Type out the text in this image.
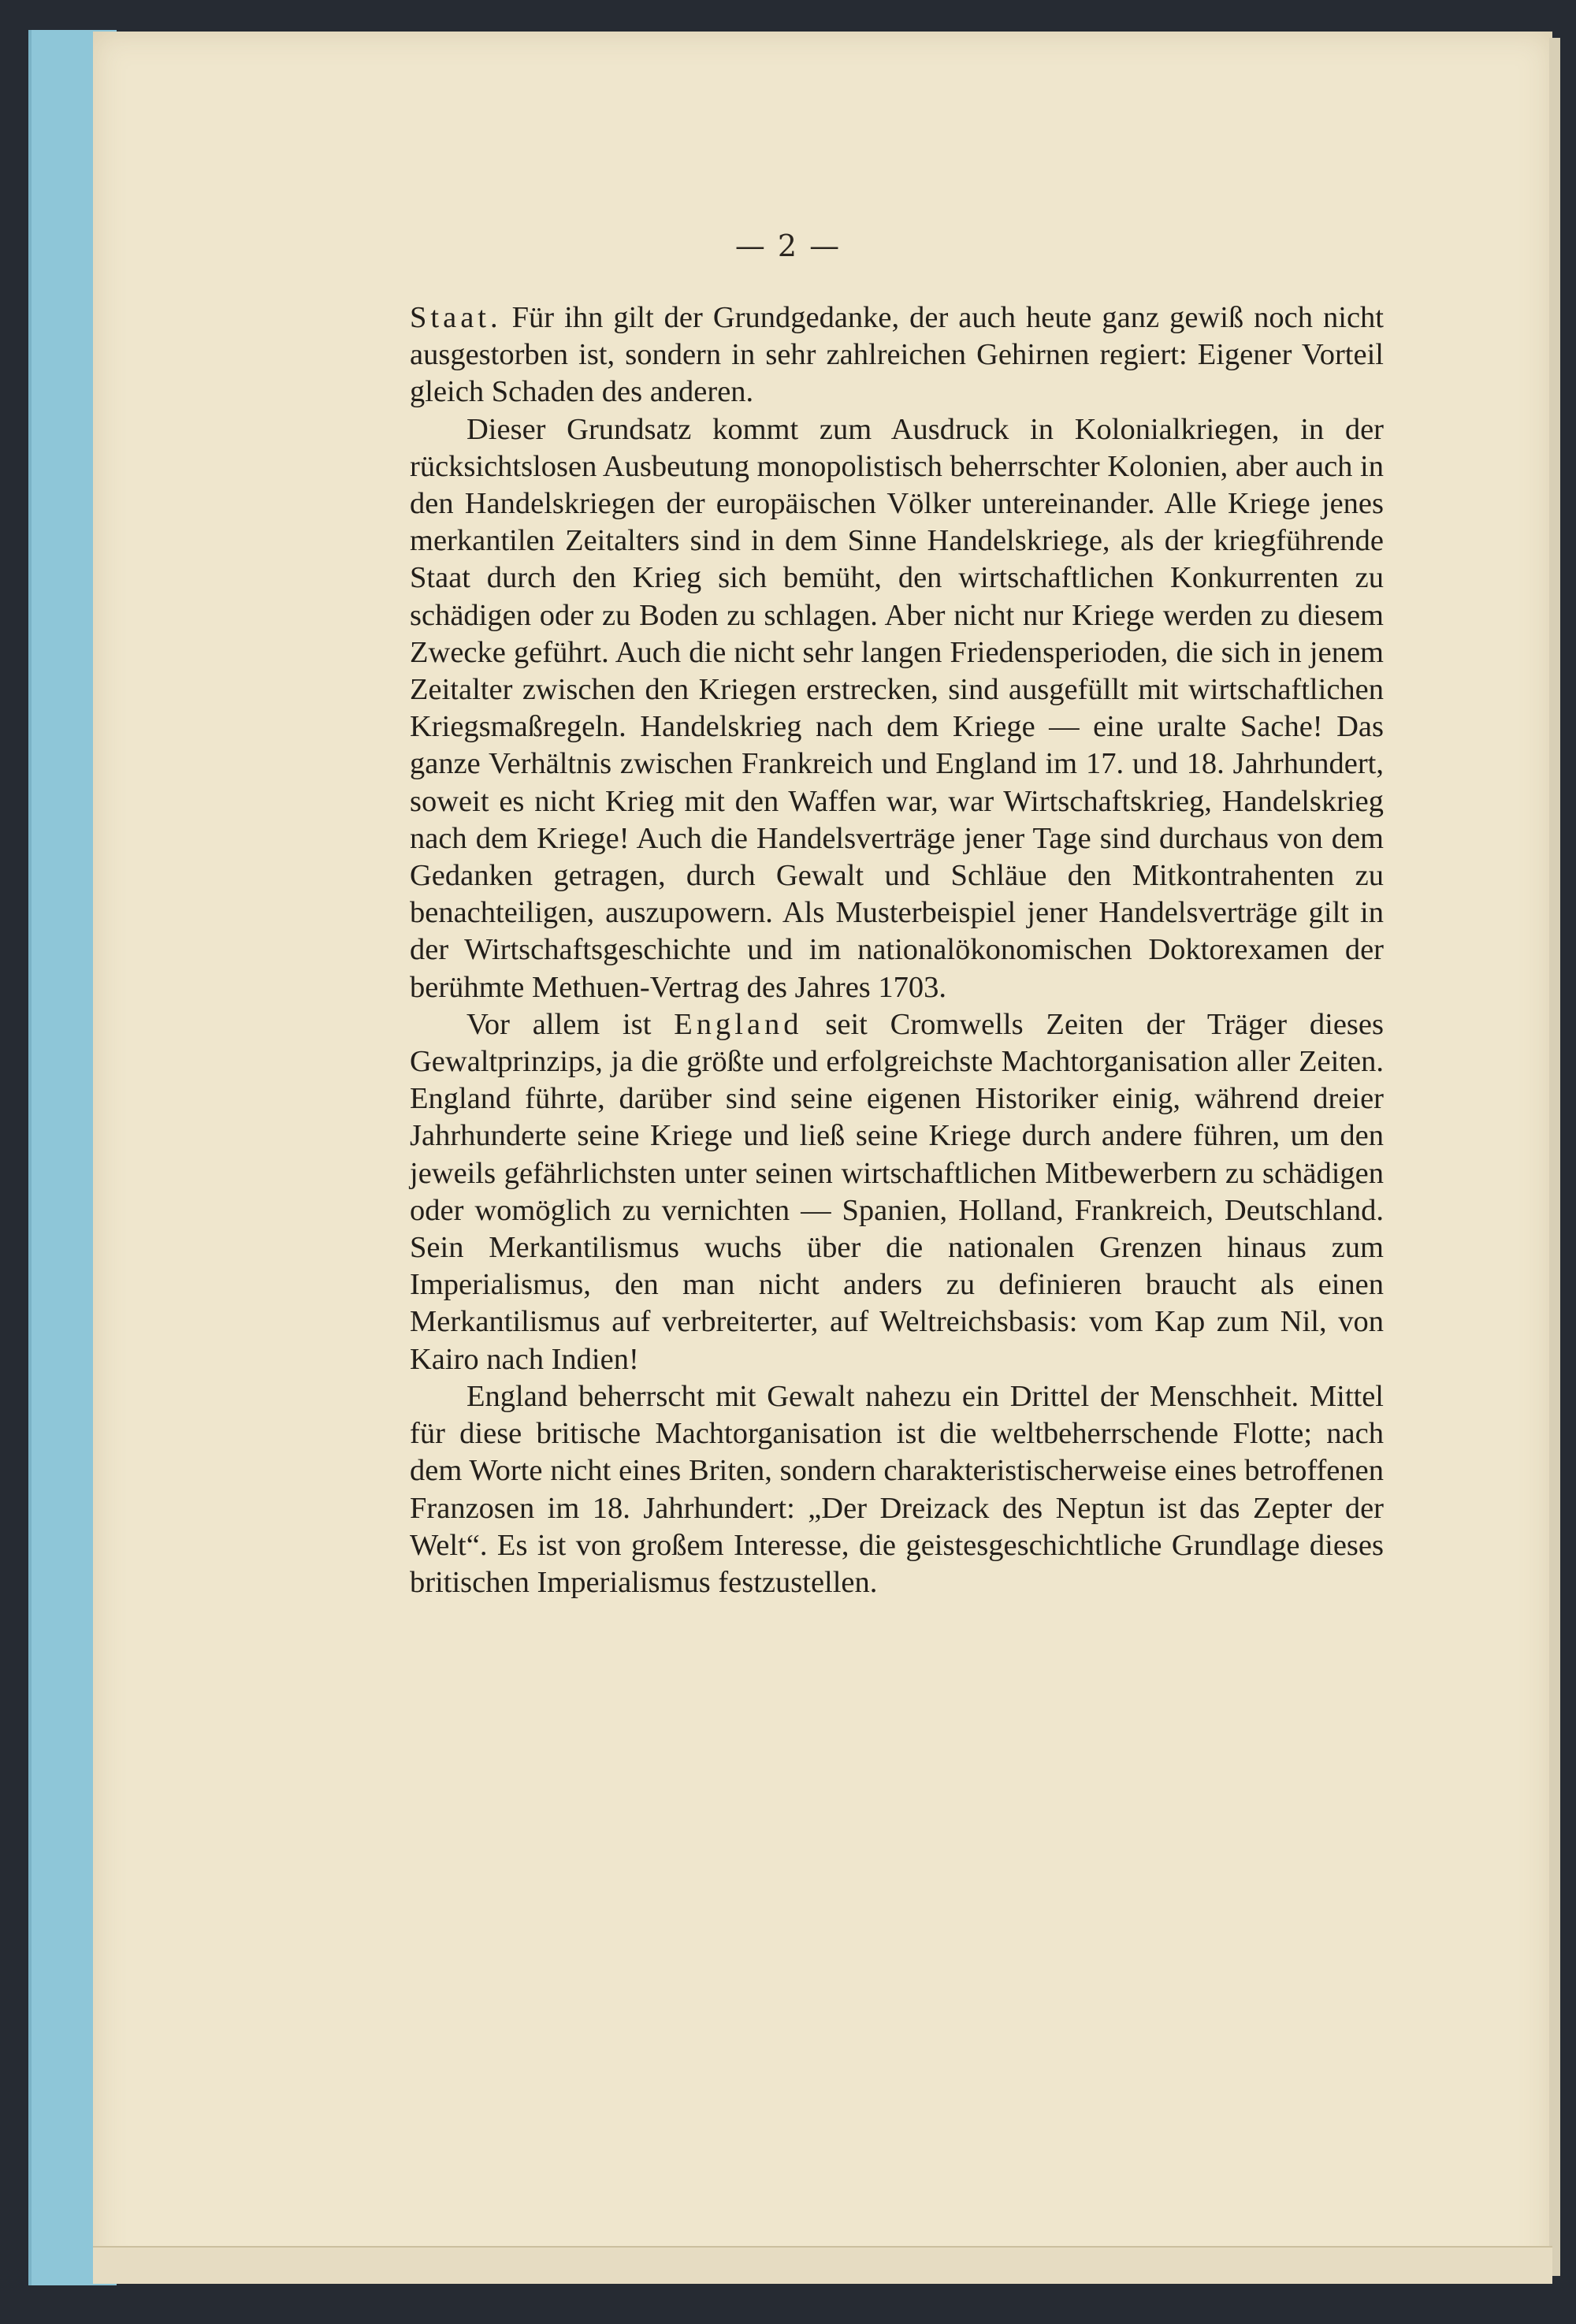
— 2 —

Staat. Für ihn gilt der Grundgedanke, der auch heute ganz gewiß noch nicht ausgestorben ist, sondern in sehr zahlreichen Gehirnen regiert: Eigener Vorteil gleich Schaden des anderen.

Dieser Grundsatz kommt zum Ausdruck in Kolonialkriegen, in der rücksichtslosen Ausbeutung monopolistisch beherrschter Kolonien, aber auch in den Handelskriegen der europäischen Völker untereinander. Alle Kriege jenes merkantilen Zeitalters sind in dem Sinne Handelskriege, als der kriegführende Staat durch den Krieg sich bemüht, den wirtschaftlichen Konkurrenten zu schädigen oder zu Boden zu schlagen. Aber nicht nur Kriege werden zu diesem Zwecke geführt. Auch die nicht sehr langen Friedensperioden, die sich in jenem Zeitalter zwischen den Kriegen erstrecken, sind ausgefüllt mit wirtschaftlichen Kriegsmaßregeln. Handelskrieg nach dem Kriege — eine uralte Sache! Das ganze Verhältnis zwischen Frankreich und England im 17. und 18. Jahrhundert, soweit es nicht Krieg mit den Waffen war, war Wirtschaftskrieg, Handelskrieg nach dem Kriege! Auch die Handelsverträge jener Tage sind durchaus von dem Gedanken getragen, durch Gewalt und Schläue den Mitkontrahenten zu benachteiligen, auszupowern. Als Musterbeispiel jener Handelsverträge gilt in der Wirtschaftsgeschichte und im nationalökonomischen Doktorexamen der berühmte Methuen-Vertrag des Jahres 1703.

Vor allem ist England seit Cromwells Zeiten der Träger dieses Gewaltprinzips, ja die größte und erfolgreichste Machtorganisation aller Zeiten. England führte, darüber sind seine eigenen Historiker einig, während dreier Jahrhunderte seine Kriege und ließ seine Kriege durch andere führen, um den jeweils gefährlichsten unter seinen wirtschaftlichen Mitbewerbern zu schädigen oder womöglich zu vernichten — Spanien, Holland, Frankreich, Deutschland. Sein Merkantilismus wuchs über die nationalen Grenzen hinaus zum Imperialismus, den man nicht anders zu definieren braucht als einen Merkantilismus auf verbreiterter, auf Weltreichsbasis: vom Kap zum Nil, von Kairo nach Indien!

England beherrscht mit Gewalt nahezu ein Drittel der Menschheit. Mittel für diese britische Machtorganisation ist die weltbeherrschende Flotte; nach dem Worte nicht eines Briten, sondern charakteristischerweise eines betroffenen Franzosen im 18. Jahrhundert: „Der Dreizack des Neptun ist das Zepter der Welt“. Es ist von großem Interesse, die geistesgeschichtliche Grundlage dieses britischen Imperialismus festzustellen.
